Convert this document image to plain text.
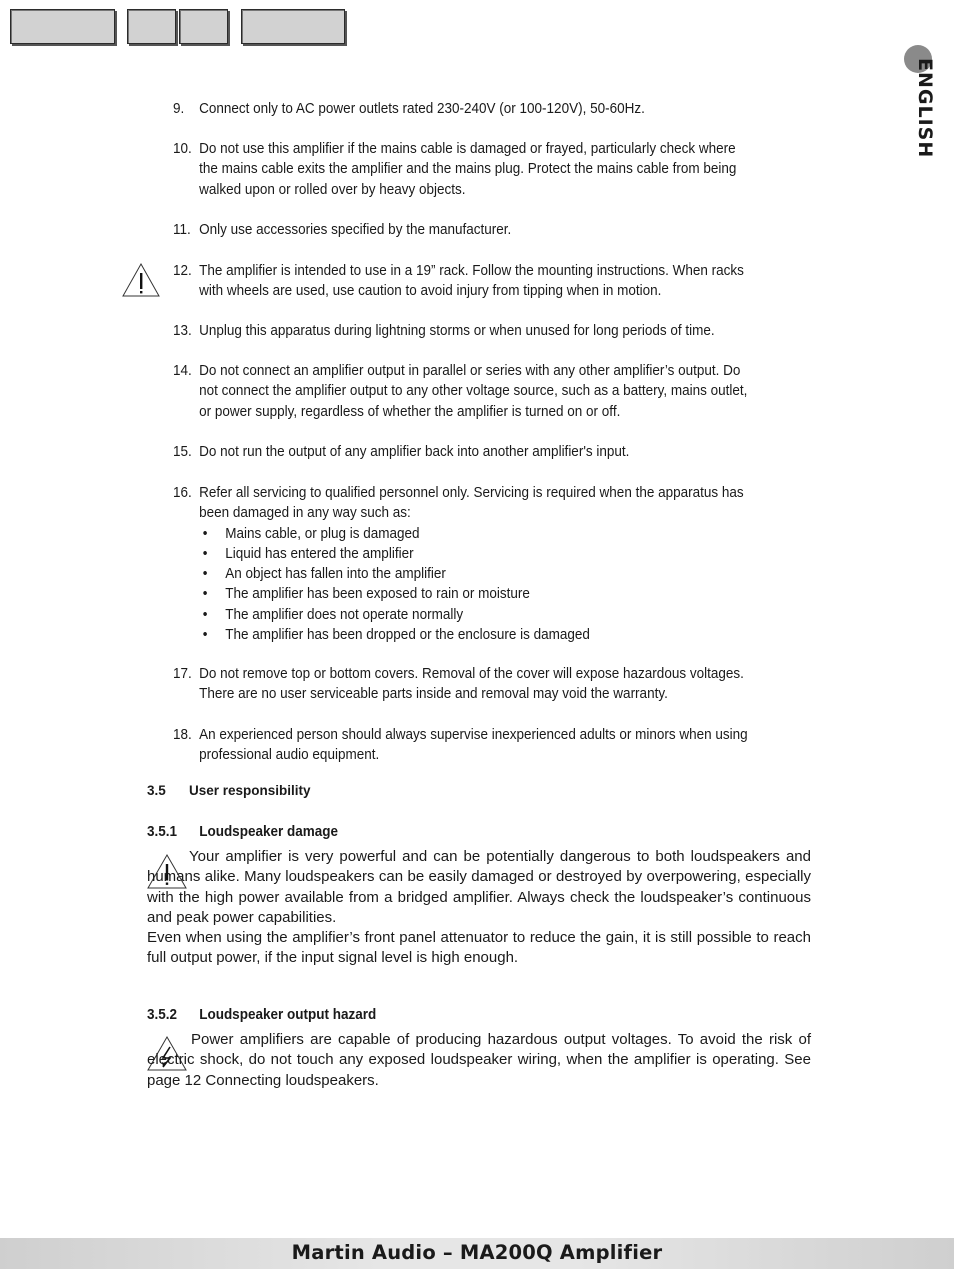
ENGLISH
9. Connect only to AC power outlets rated 230-240V (or 100-120V), 50-60Hz.
10. Do not use this amplifier if the mains cable is damaged or frayed, particularly check where the mains cable exits the amplifier and the mains plug. Protect the mains cable from being walked upon or rolled over by heavy objects.
11. Only use accessories specified by the manufacturer.
12. The amplifier is intended to use in a 19” rack. Follow the mounting instructions. When racks with wheels are used, use caution to avoid injury from tipping when in motion.
13. Unplug this apparatus during lightning storms or when unused for long periods of time.
14. Do not connect an amplifier output in parallel or series with any other amplifier’s output. Do not connect the amplifier output to any other voltage source, such as a battery, mains outlet, or power supply, regardless of whether the amplifier is turned on or off.
15. Do not run the output of any amplifier back into another amplifier's input.
16. Refer all servicing to qualified personnel only. Servicing is required when the apparatus has been damaged in any way such as:
• Mains cable, or plug is damaged
• Liquid has entered the amplifier
• An object has fallen into the amplifier
• The amplifier has been exposed to rain or moisture
• The amplifier does not operate normally
• The amplifier has been dropped or the enclosure is damaged
17. Do not remove top or bottom covers. Removal of the cover will expose hazardous voltages. There are no user serviceable parts inside and removal may void the warranty.
18. An experienced person should always supervise inexperienced adults or minors when using professional audio equipment.
3.5 User responsibility
3.5.1 Loudspeaker damage

Your amplifier is very powerful and can be potentially dangerous to both loudspeakers and humans alike. Many loudspeakers can be easily damaged or destroyed by overpowering, especially with the high power available from a bridged amplifier. Always check the loudspeaker’s continuous and peak power capabilities.

Even when using the amplifier’s front panel attenuator to reduce the gain, it is still possible to reach full output power, if the input signal level is high enough.

3.5.2 Loudspeaker output hazard

Power amplifiers are capable of producing hazardous output voltages. To avoid the risk of electric shock, do not touch any exposed loudspeaker wiring, when the amplifier is operating. See page 12 Connecting loudspeakers.

Martin Audio – MA200Q Amplifier
